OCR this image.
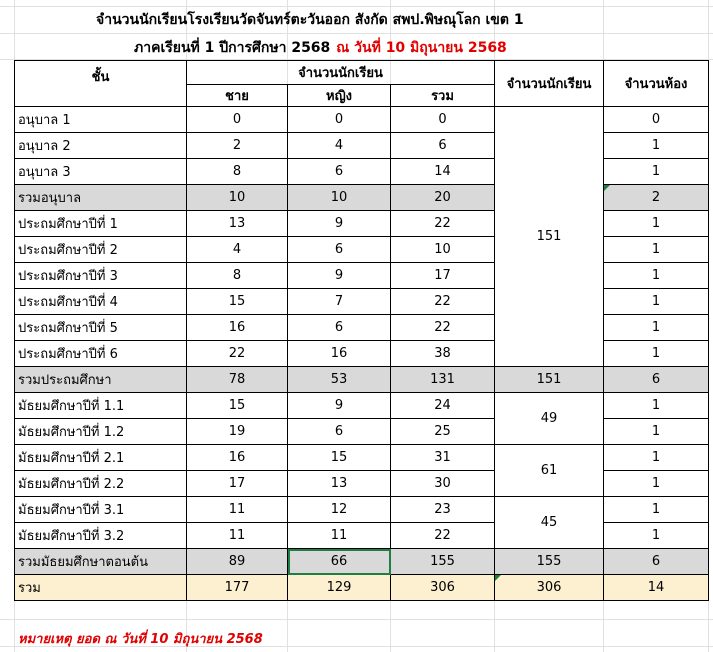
จำนวนนักเรียนโรงเรียนวัดจันทร์ตะวันออก สังกัด สพป.พิษณุโลก เขต 1
ภาคเรียนที่ 1 ปีการศึกษา 2568 ณ วันที่ 10 มิถุนายน 2568
ชั้น	จำนวนนักเรียน			จำนวนนักเรียน	จำนวนห้อง
	ชาย	หญิง	รวม		
อนุบาล 1	0	0	0	151	0
อนุบาล 2	2	4	6		1
อนุบาล 3	8	6	14		1
รวมอนุบาล	10	10	20		2
ประถมศึกษาปีที่ 1	13	9	22		1
ประถมศึกษาปีที่ 2	4	6	10		1
ประถมศึกษาปีที่ 3	8	9	17		1
ประถมศึกษาปีที่ 4	15	7	22		1
ประถมศึกษาปีที่ 5	16	6	22		1
ประถมศึกษาปีที่ 6	22	16	38		1
รวมประถมศึกษา	78	53	131	151	6
มัธยมศึกษาปีที่ 1.1	15	9	24	49	1
มัธยมศึกษาปีที่ 1.2	19	6	25		1
มัธยมศึกษาปีที่ 2.1	16	15	31	61	1
มัธยมศึกษาปีที่ 2.2	17	13	30		1
มัธยมศึกษาปีที่ 3.1	11	12	23	45	1
มัธยมศึกษาปีที่ 3.2	11	11	22		1
รวมมัธยมศึกษาตอนต้น	89	66	155	155	6
รวม	177	129	306	306	14
หมายเหตุ ยอด ณ วันที่ 10 มิถุนายน 2568
